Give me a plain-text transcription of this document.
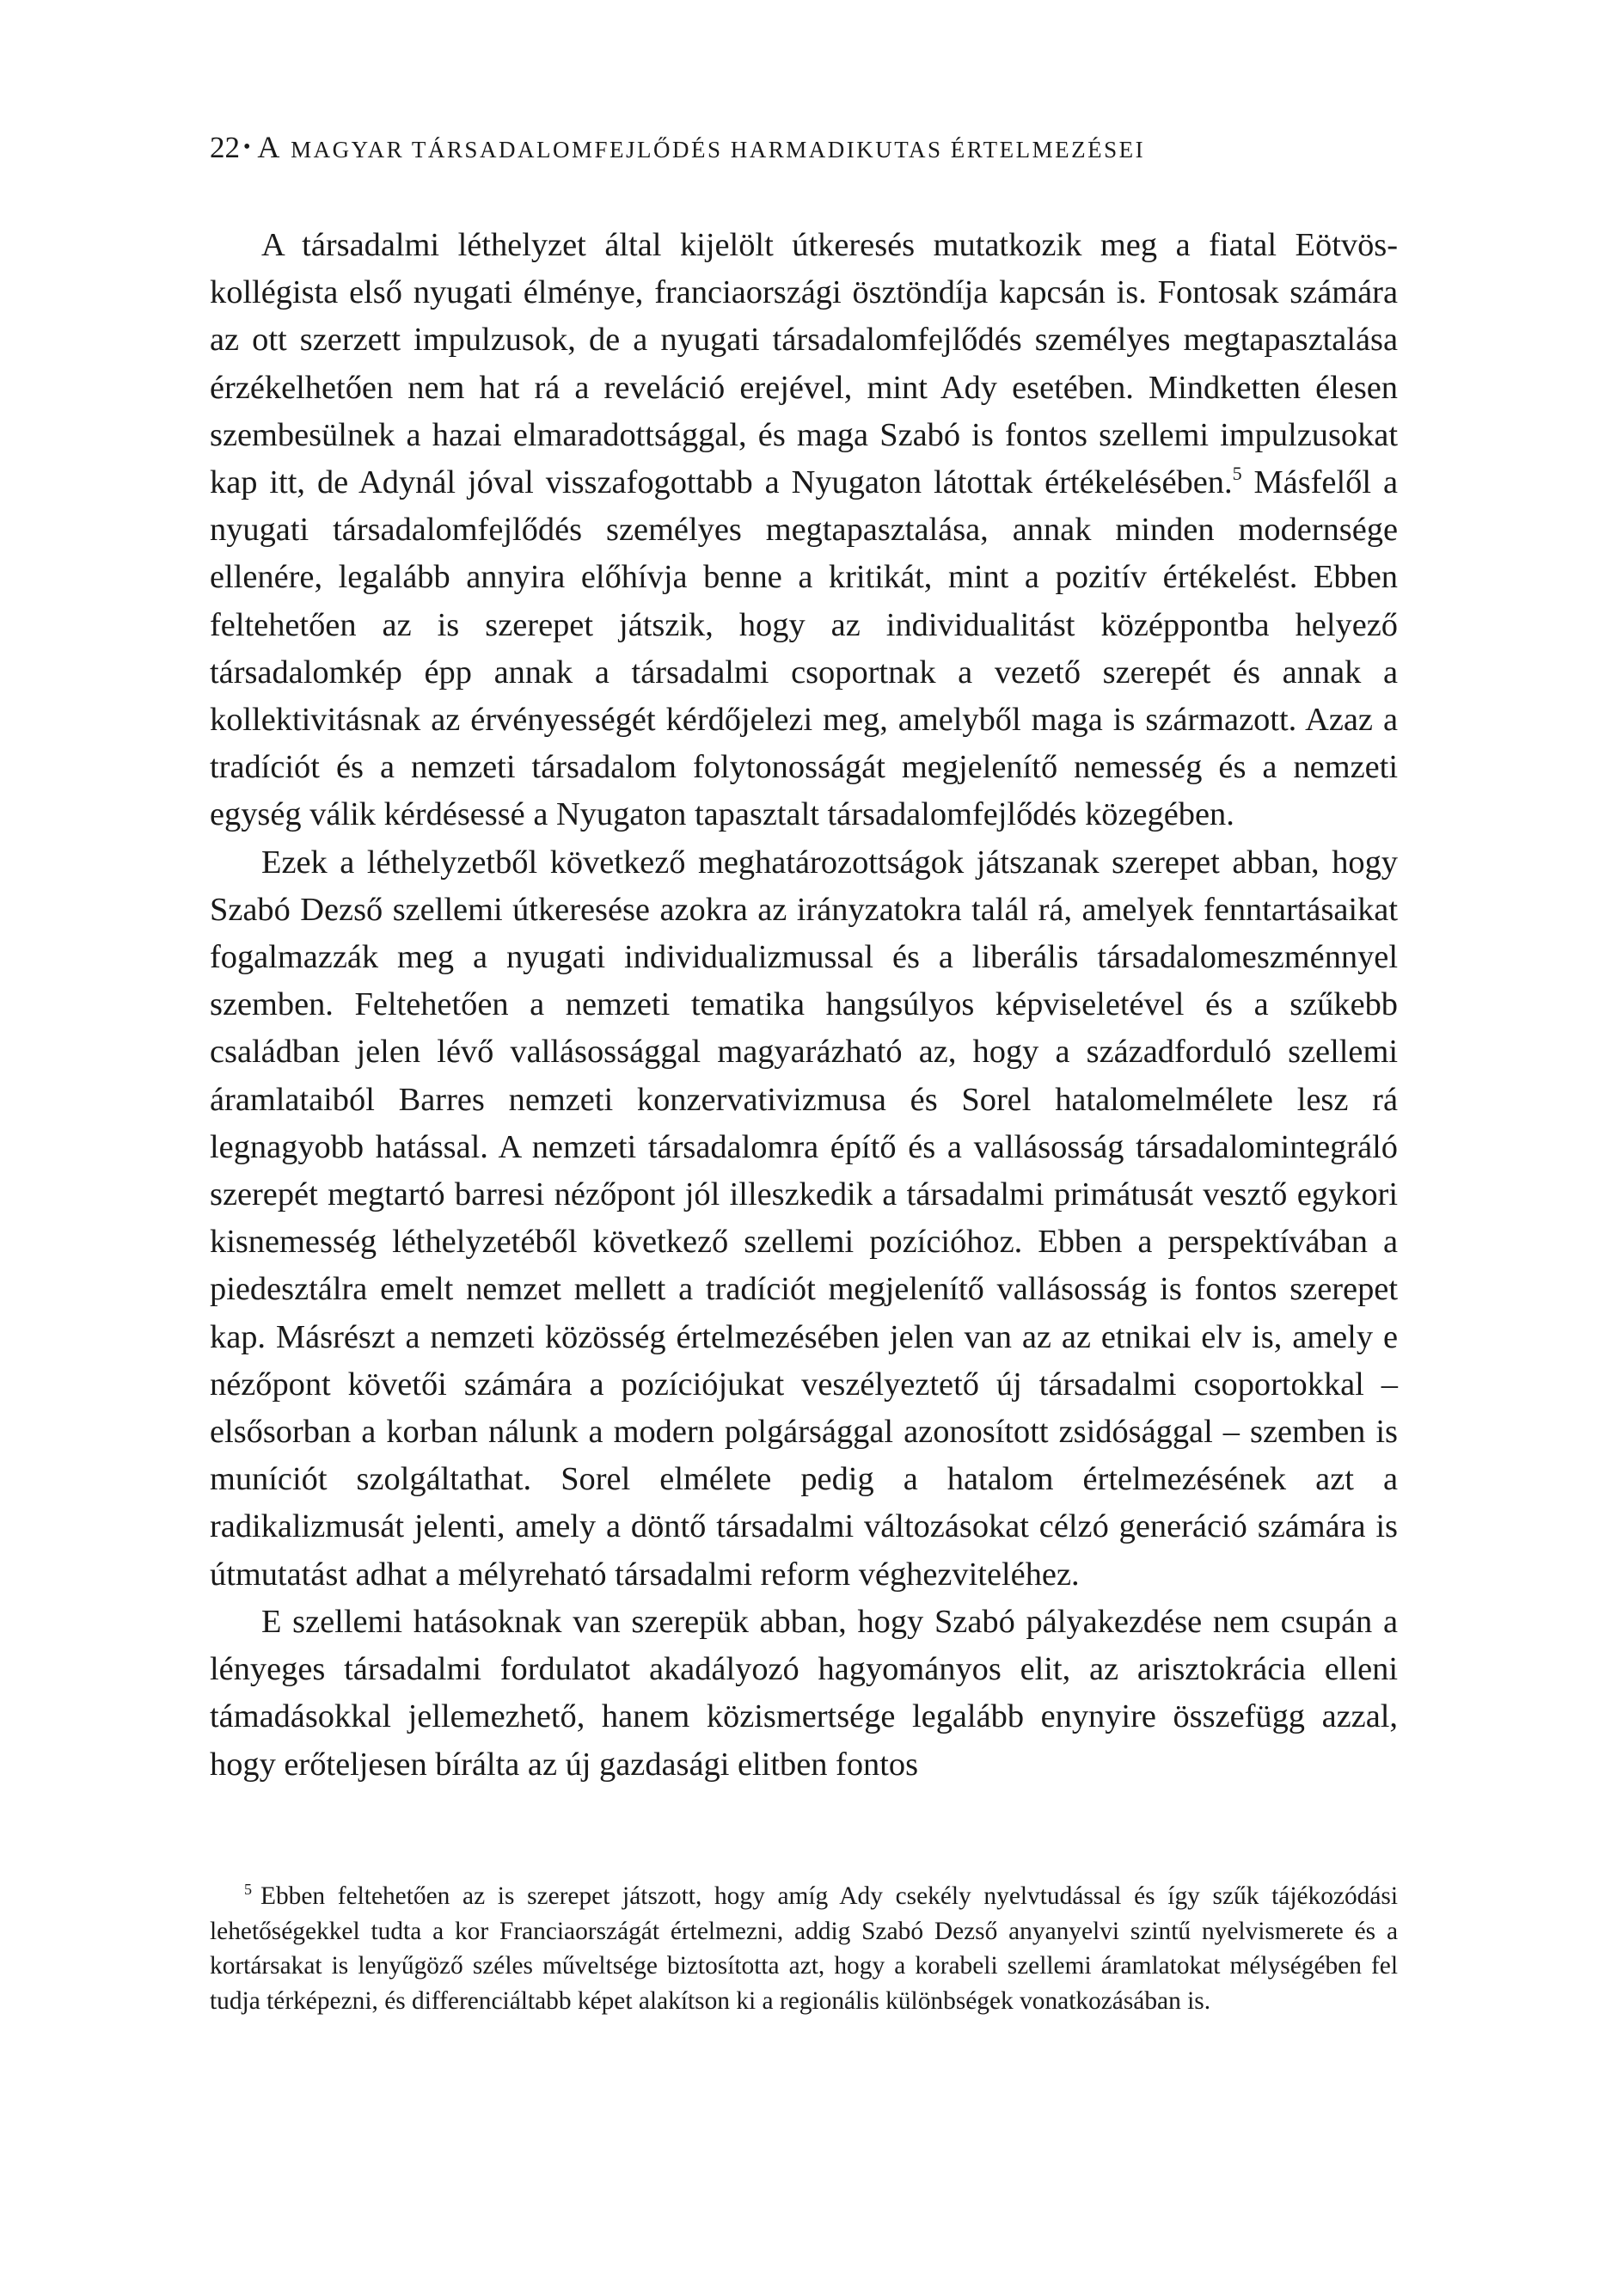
22 • A MAGYAR TÁRSADALOMFEJLŐDÉS HARMADIKUTAS ÉRTELMEZÉSEI

A társadalmi léthelyzet által kijelölt útkeresés mutatkozik meg a fiatal Eötvöskollégista első nyugati élménye, franciaországi ösztöndíja kapcsán is. Fontosak számára az ott szerzett impulzusok, de a nyugati társadalomfejlődés személyes megtapasztalása érzékelhetően nem hat rá a reveláció erejével, mint Ady esetében. Mindketten élesen szembesülnek a hazai elmaradottsággal, és maga Szabó is fontos szellemi impulzusokat kap itt, de Adynál jóval visszafogottabb a Nyugaton látottak értékelésében.$^5$ Másfelől a nyugati társadalomfejlődés személyes megtapasztalása, annak minden modernsége ellenére, legalább annyira előhívja benne a kritikát, mint a pozitív értékelést. Ebben feltehetően az is szerepet játszik, hogy az individualitást középpontba helyező társadalomkép épp annak a társadalmi csoportnak a vezető szerepét és annak a kollektivitásnak az érvényességét kérdőjelezi meg, amelyből maga is származott. Azaz a tradíciót és a nemzeti társadalom folytonosságát megjelenítő nemesség és a nemzeti egység válik kérdésessé a Nyugaton tapasztalt társadalomfejlődés közegében.

Ezek a léthelyzetből következő meghatározottságok játszanak szerepet abban, hogy Szabó Dezső szellemi útkeresése azokra az irányzatokra talál rá, amelyek fenntartásaikat fogalmazzák meg a nyugati individualizmussal és a liberális társadalomeszménnyel szemben. Feltehetően a nemzeti tematika hangsúlyos képviseletével és a szűkebb családban jelen lévő vallásossággal magyarázható az, hogy a századforduló szellemi áramlataiból Barres nemzeti konzervativizmusa és Sorel hatalomelmélete lesz rá legnagyobb hatással. A nemzeti társadalomra építő és a vallásosság társadalomintegráló szerepét megtartó barresi nézőpont jól illeszkedik a társadalmi primátusát vesztő egykori kisnemesség léthelyzetéből következő szellemi pozícióhoz. Ebben a perspektívában a piedesztálra emelt nemzet mellett a tradíciót megjelenítő vallásosság is fontos szerepet kap. Másrészt a nemzeti közösség értelmezésében jelen van az az etnikai elv is, amely e nézőpont követői számára a pozíciójukat veszélyeztető új társadalmi csoportokkal – elsősorban a korban nálunk a modern polgársággal azonosított zsidósággal – szemben is muníciót szolgáltathat. Sorel elmélete pedig a hatalom értelmezésének azt a radikalizmusát jelenti, amely a döntő társadalmi változásokat célzó generáció számára is útmutatást adhat a mélyreható társadalmi reform véghezviteléhez.

E szellemi hatásoknak van szerepük abban, hogy Szabó pályakezdése nem csupán a lényeges társadalmi fordulatot akadályozó hagyományos elit, az arisztokrácia elleni támadásokkal jellemezhető, hanem közismertsége legalább enynyire összefügg azzal, hogy erőteljesen bírálta az új gazdasági elitben fontos

$^5$ Ebben feltehetően az is szerepet játszott, hogy amíg Ady csekély nyelvtudással és így szűk tájékozódási lehetőségekkel tudta a kor Franciaországát értelmezni, addig Szabó Dezső anyanyelvi szintű nyelvismerete és a kortársakat is lenyűgöző széles műveltsége biztosította azt, hogy a korabeli szellemi áramlatokat mélységében fel tudja térképezni, és differenciáltabb képet alakítson ki a regionális különbségek vonatkozásában is.
